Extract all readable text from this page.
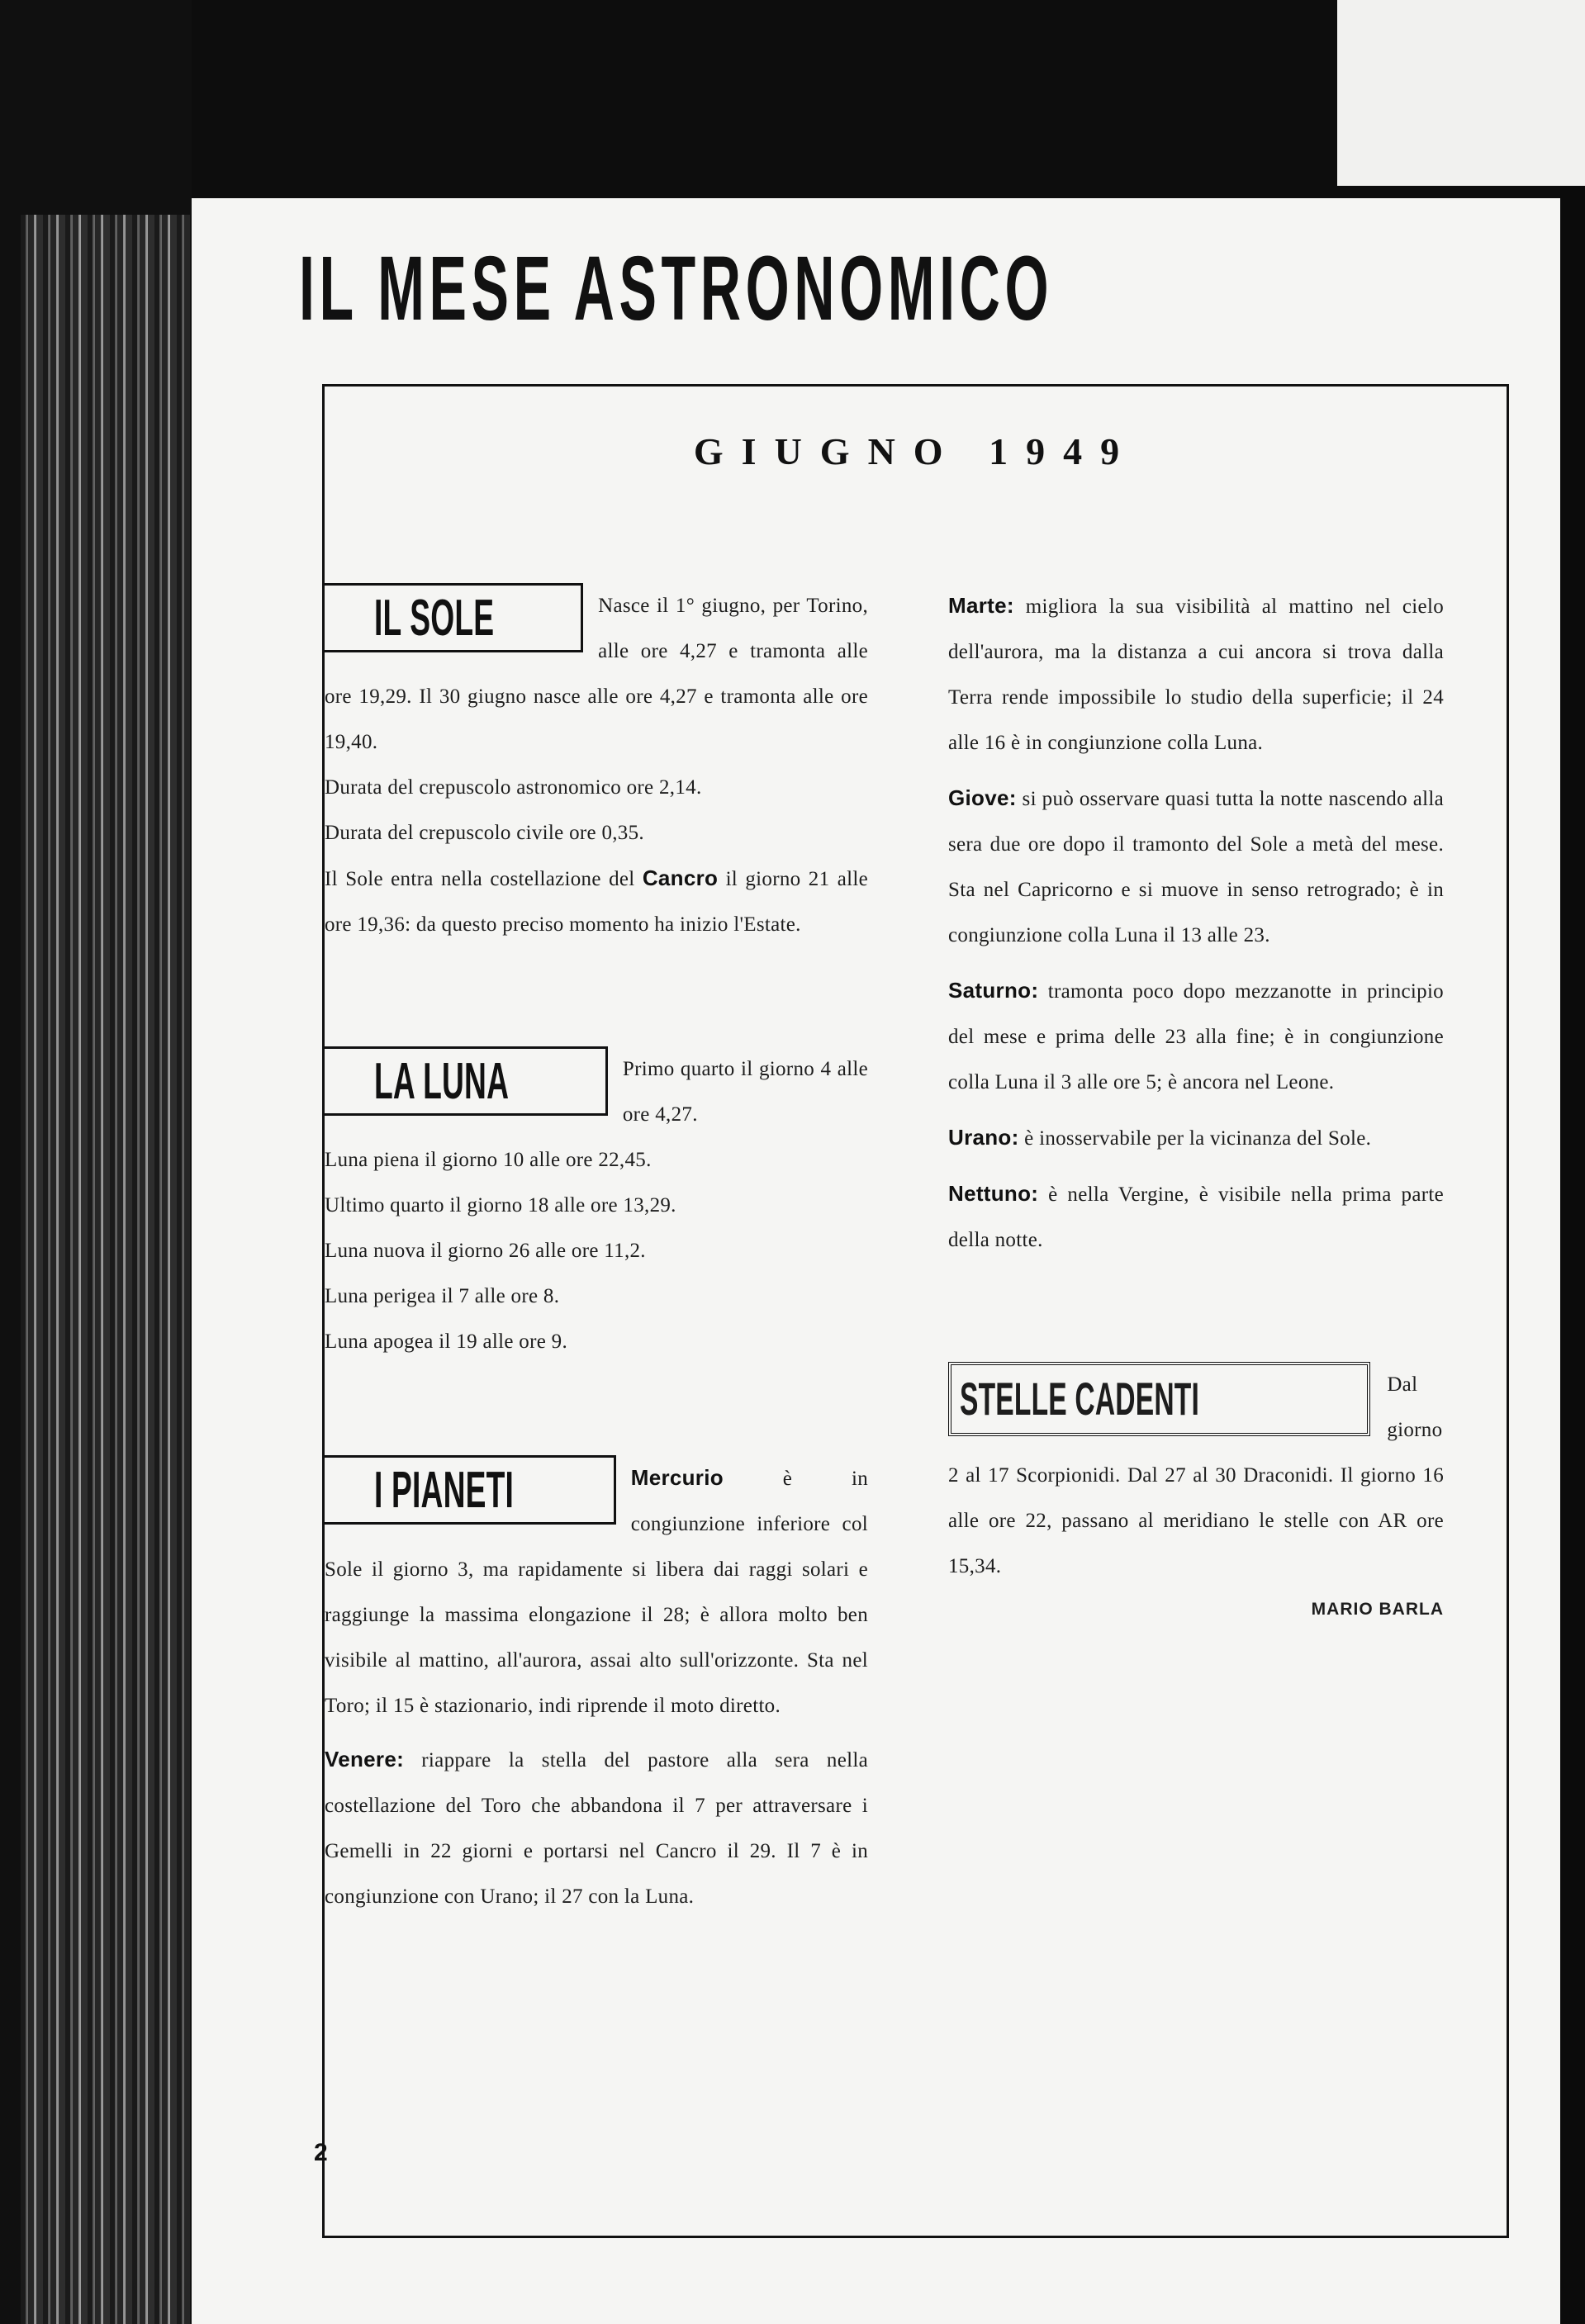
IL MESE ASTRONOMICO
GIUGNO 1949
IL SOLE	Nasce il 1° giugno, per Torino, alle ore 4,27 e tramonta alle ore 19,29. Il 30 giugno nasce alle ore 4,27 e tramonta alle ore 19,40.

Durata del crepuscolo astronomico ore 2,14.

Durata del crepuscolo civile ore 0,35.

Il Sole entra nella costellazione del Cancro il giorno 21 alle ore 19,36: da questo preciso momento ha inizio l'Estate.

LA LUNA	Primo quarto il giorno 4 alle ore 4,27.

Luna piena il giorno 10 alle ore 22,45.

Ultimo quarto il giorno 18 alle ore 13,29.

Luna nuova il giorno 26 alle ore 11,2.

Luna perigea il 7 alle ore 8.

Luna apogea il 19 alle ore 9.

I PIANETI	Mercurio	è in congiunzione inferiore col Sole il giorno 3, ma rapidamente si libera dai raggi solari e raggiunge la massima elongazione il 28; è allora molto ben visibile al mattino, all'aurora, assai alto sull'orizzonte. Sta nel Toro; il 15 è stazionario, indi riprende il moto diretto.

Venere: riappare la stella del pastore alla sera nella costellazione del Toro che abbandona il 7 per attraversare i Gemelli in 22 giorni e portarsi nel Cancro il 29. Il 7 è in congiunzione con Urano; il 27 con la Luna.

Marte: migliora la sua visibilità al mattino nel cielo dell'aurora, ma la distanza a cui ancora si trova dalla Terra rende impossibile lo studio della superficie; il 24 alle 16 è in congiunzione colla Luna.

Giove: si può osservare quasi tutta la notte nascendo alla sera due ore dopo il tramonto del Sole a metà del mese. Sta nel Capricorno e si muove in senso retrogrado; è in congiunzione colla Luna il 13 alle 23.

Saturno: tramonta poco dopo mezzanotte in principio del mese e prima delle 23 alla fine; è in congiunzione colla Luna il 3 alle ore 5; è ancora nel Leone.

Urano: è inosservabile per la vicinanza del Sole.

Nettuno: è nella Vergine, è visibile nella prima parte della notte.

STELLE CADENTI	Dal giorno 2 al 17 Scorpionidi. Dal 27 al 30 Draconidi. Il giorno 16 alle ore 22, passano al meridiano le stelle con AR ore 15,34.

MARIO BARLA
2
